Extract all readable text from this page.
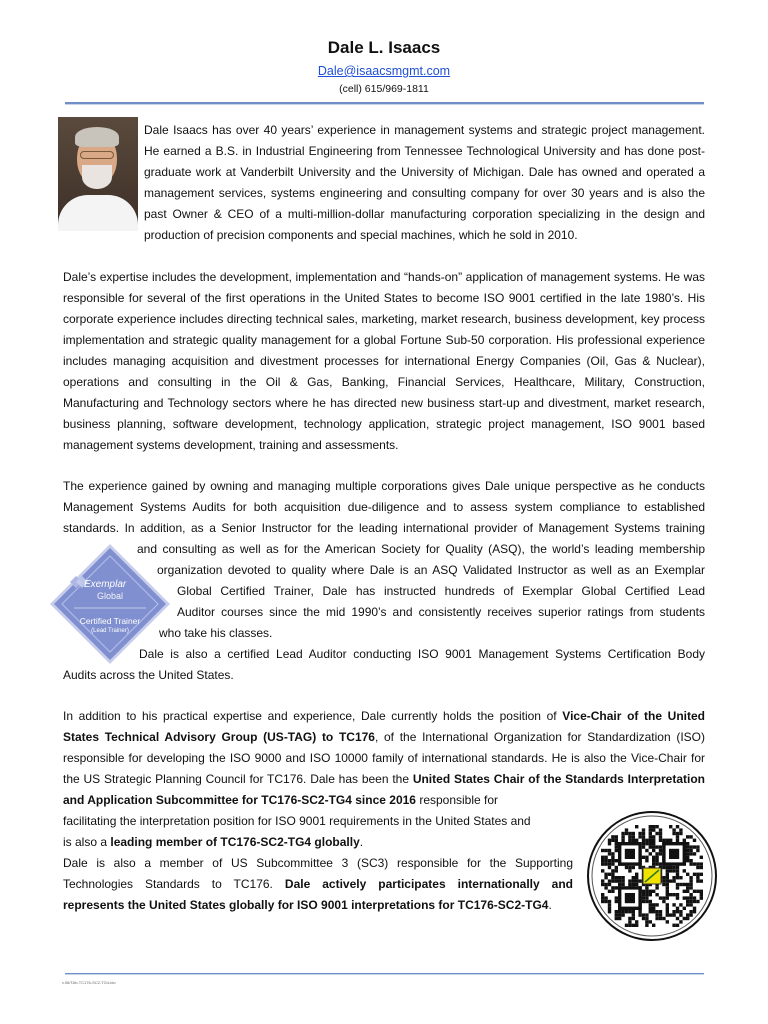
Dale L. Isaacs
Dale@isaacsmgmt.com
(cell) 615/969-1811

Dale Isaacs has over 40 years’ experience in management systems and strategic project management. He earned a B.S. in Industrial Engineering from Tennessee Technological University and has done post-graduate work at Vanderbilt University and the University of Michigan. Dale has owned and operated a management services, systems engineering and consulting company for over 30 years and is also the past Owner & CEO of a multi-million-dollar manufacturing corporation specializing in the design and production of precision components and special machines, which he sold in 2010.

Dale’s expertise includes the development, implementation and “hands-on” application of management systems. He was responsible for several of the first operations in the United States to become ISO 9001 certified in the late 1980’s. His corporate experience includes directing technical sales, marketing, market research, business development, key process implementation and strategic quality management for a global Fortune Sub-50 corporation. His professional experience includes managing acquisition and divestment processes for international Energy Companies (Oil, Gas & Nuclear), operations and consulting in the Oil & Gas, Banking, Financial Services, Healthcare, Military, Construction, Manufacturing and Technology sectors where he has directed new business start-up and divestment, market research, business planning, software development, technology application, strategic project management, ISO 9001 based management systems development, training and assessments.

The experience gained by owning and managing multiple corporations gives Dale unique perspective as he conducts

Management Systems Audits for both acquisition due-diligence and to assess system compliance to established

standards. In addition, as a Senior Instructor for the leading international provider of Management Systems training

and consulting as well as for the American Society for Quality (ASQ), the world’s leading membership

organization devoted to quality where Dale is an ASQ Validated Instructor as well as an Exemplar

Global Certified Trainer, Dale has instructed hundreds of Exemplar Global Certified Lead

Auditor courses since the mid 1990’s and consistently receives superior ratings from students

who take his classes.

Dale is also a certified Lead Auditor conducting ISO 9001 Management Systems Certification Body

Audits across the United States.

Exemplar
Global
Certified Trainer
(Lead Trainer)

In addition to his practical expertise and experience, Dale currently holds the position of Vice-Chair of the United States Technical Advisory Group (US-TAG) to TC176, of the International Organization for Standardization (ISO) responsible for developing the ISO 9000 and ISO 10000 family of international standards. He is also the Vice-Chair for the US Strategic Planning Council for TC176. Dale has been the United States Chair of the Standards Interpretation and Application Subcommittee for TC176-SC2-TG4 since 2016 responsible for

facilitating the interpretation position for ISO 9001 requirements in the United States and

is also a leading member of TC176-SC2-TG4 globally.

Dale is also a member of US Subcommittee 3 (SC3) responsible for the Supporting

Technologies Standards to TC176. Dale actively participates internationally and

represents the United States globally for ISO 9001 interpretations for TC176-SC2-TG4.

v.06/TAb-TC176-SC2-TG4-bio
